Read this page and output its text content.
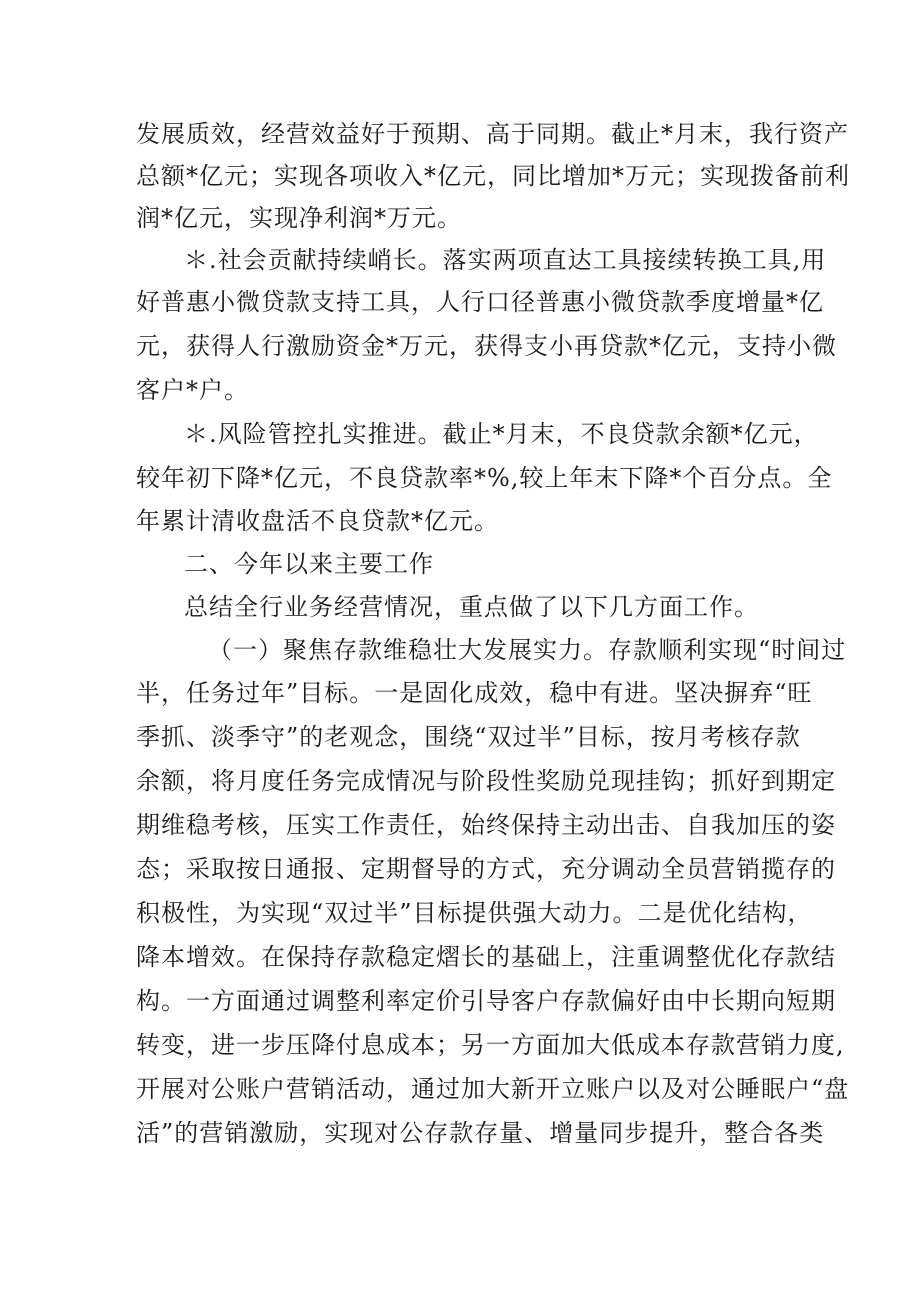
发展质效，经营效益好于预期、高于同期。截止*月末，我行资产

总额*亿元；实现各项收入*亿元，同比增加*万元；实现拨备前利

润*亿元，实现净利润*万元。

＊.社会贡献持续峭长。落实两项直达工具接续转换工具,用

好普惠小微贷款支持工具，人行口径普惠小微贷款季度增量*亿

元，获得人行激励资金*万元，获得支小再贷款*亿元，支持小微

客户*户。

＊.风险管控扎实推进。截止*月末，不良贷款余额*亿元，

较年初下降*亿元，不良贷款率*%,较上年末下降*个百分点。全

年累计清收盘活不良贷款*亿元。

二、今年以来主要工作

总结全行业务经营情况，重点做了以下几方面工作。

（一）聚焦存款维稳壮大发展实力。存款顺利实现“时间过

半，任务过年”目标。一是固化成效，稳中有进。坚决摒弃“旺

季抓、淡季守”的老观念，围绕“双过半”目标，按月考核存款

余额，将月度任务完成情况与阶段性奖励兑现挂钩；抓好到期定

期维稳考核，压实工作责任，始终保持主动出击、自我加压的姿

态；采取按日通报、定期督导的方式，充分调动全员营销揽存的

积极性，为实现“双过半”目标提供强大动力。二是优化结构，

降本增效。在保持存款稳定熠长的基础上，注重调整优化存款结

构。一方面通过调整利率定价引导客户存款偏好由中长期向短期

转变，进一步压降付息成本；另一方面加大低成本存款营销力度,

开展对公账户营销活动，通过加大新开立账户以及对公睡眠户“盘

活”的营销激励，实现对公存款存量、增量同步提升，整合各类
